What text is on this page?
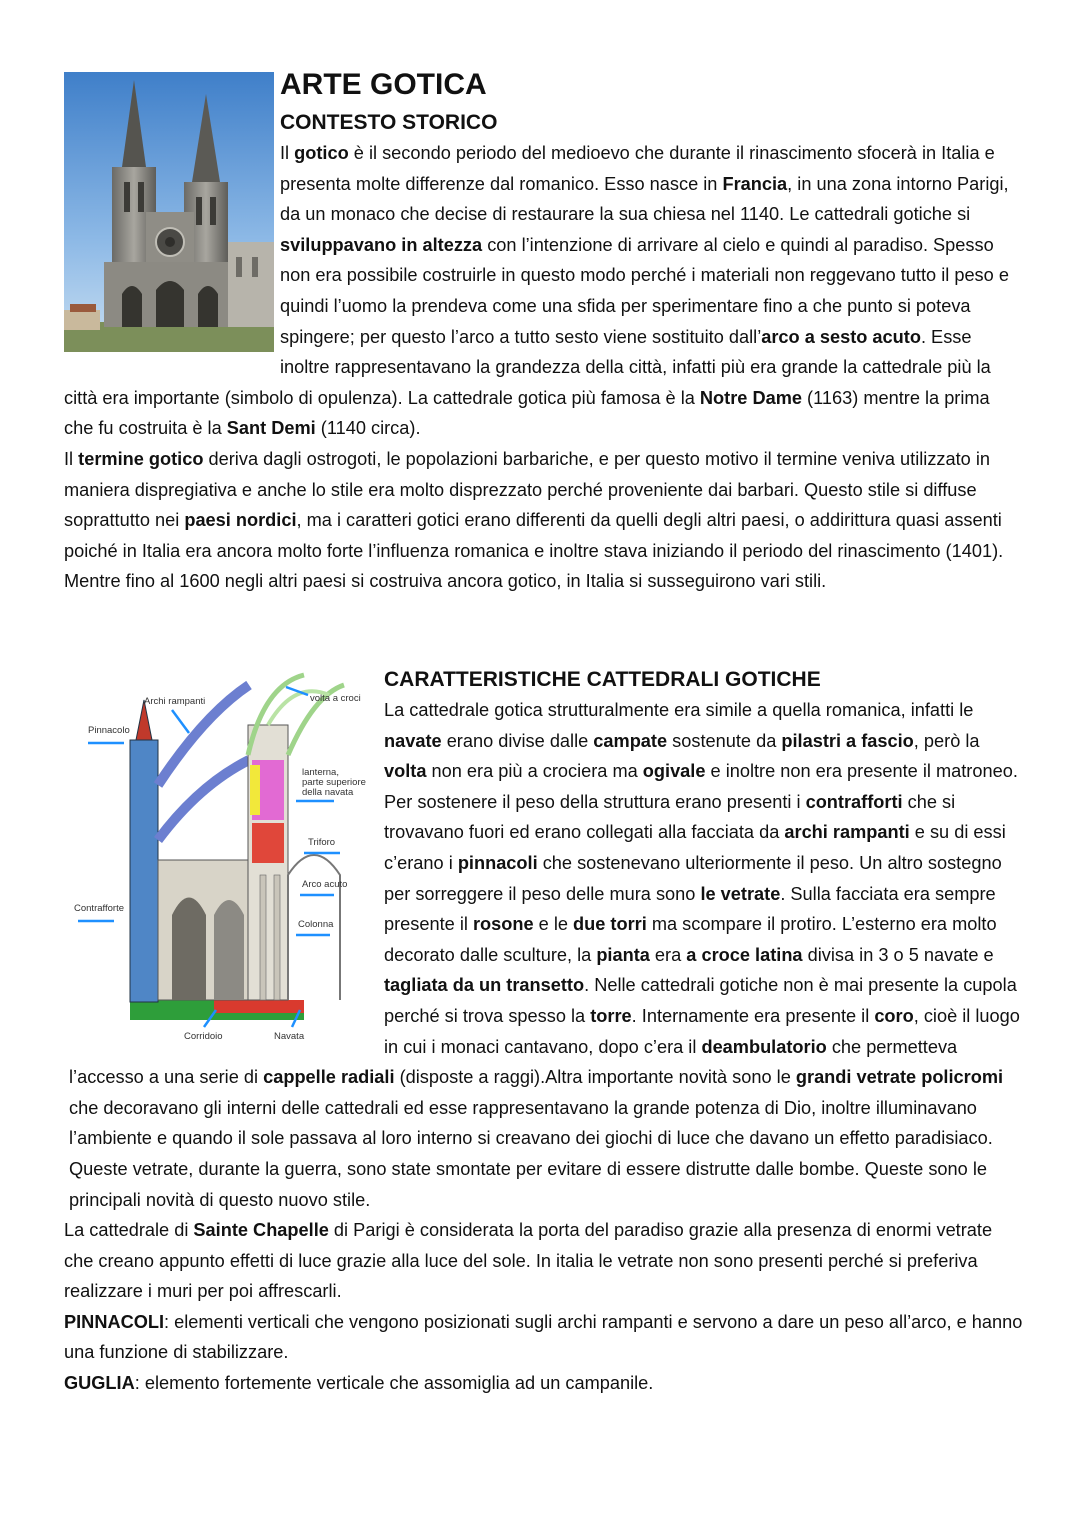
ARTE GOTICA
CONTESTO STORICO

Il gotico è il secondo periodo del medioevo che durante il rinascimento sfocerà in Italia e presenta molte differenze dal romanico. Esso nasce in Francia, in una zona intorno Parigi, da un monaco che decise di restaurare la sua chiesa nel 1140. Le cattedrali gotiche si sviluppavano in altezza con l’intenzione di arrivare al cielo e quindi al paradiso. Spesso non era possibile costruirle in questo modo perché i materiali non reggevano tutto il peso e quindi l’uomo la prendeva come una sfida per sperimentare fino a che punto si poteva spingere; per questo l’arco a tutto sesto viene sostituito dall’arco a sesto acuto. Esse inoltre rappresentavano la grandezza della città, infatti più era grande la cattedrale più la città era importante (simbolo di opulenza). La cattedrale gotica più famosa è la Notre Dame (1163) mentre la prima che fu costruita è la Sant Demi (1140 circa).

Il termine gotico deriva dagli ostrogoti, le popolazioni barbariche, e per questo motivo il termine veniva utilizzato in maniera dispregiativa e anche lo stile era molto disprezzato perché proveniente dai barbari. Questo stile si diffuse soprattutto nei paesi nordici, ma i caratteri gotici erano differenti da quelli degli altri paesi, o addirittura quasi assenti poiché in Italia era ancora molto forte l’influenza romanica e inoltre stava iniziando il periodo del rinascimento (1401). Mentre fino al 1600 negli altri paesi si costruiva ancora gotico, in Italia si susseguirono vari stili.

Archi rampanti	volta a croci
Pinnacolo
lanterna,
parte superiore
della navata
Triforo
Arco acuto
Contrafforte
Colonna
Corridoio	Navata
CARATTERISTICHE CATTEDRALI GOTICHE

La cattedrale gotica strutturalmente era simile a quella romanica, infatti le navate erano divise dalle campate sostenute da pilastri a fascio, però la volta non era più a crociera ma ogivale e inoltre non era presente il matroneo. Per sostenere il peso della struttura erano presenti i contrafforti che si trovavano fuori ed erano collegati alla facciata da archi rampanti e su di essi c’erano i pinnacoli che sostenevano ulteriormente il peso. Un altro sostegno per sorreggere il peso delle mura sono le vetrate. Sulla facciata era sempre presente il rosone e le due torri ma scompare il protiro. L’esterno era molto decorato dalle sculture, la pianta era a croce latina divisa in 3 o 5 navate e tagliata da un transetto. Nelle cattedrali gotiche non è mai presente la cupola perché si trova spesso la torre. Internamente era presente il coro, cioè il luogo in cui i monaci cantavano, dopo c’era il deambulatorio che permetteva l’accesso a una serie di cappelle radiali (disposte a raggi).Altra importante novità sono le grandi vetrate policromi che decoravano gli interni delle cattedrali ed esse rappresentavano la grande potenza di Dio, inoltre illuminavano l’ambiente e quando il sole passava al loro interno si creavano dei giochi di luce che davano un effetto paradisiaco. Queste vetrate, durante la guerra, sono state smontate per evitare di essere distrutte dalle bombe. Queste sono le principali novità di questo nuovo stile.

La cattedrale di Sainte Chapelle di Parigi è considerata la porta del paradiso grazie alla presenza di enormi vetrate che creano appunto effetti di luce grazie alla luce del sole. In italia le vetrate non sono presenti perché si preferiva realizzare i muri per poi affrescarli.

PINNACOLI: elementi verticali che vengono posizionati sugli archi rampanti e servono a dare un peso all’arco, e hanno una funzione di stabilizzare.

GUGLIA: elemento fortemente verticale che assomiglia ad un campanile.
